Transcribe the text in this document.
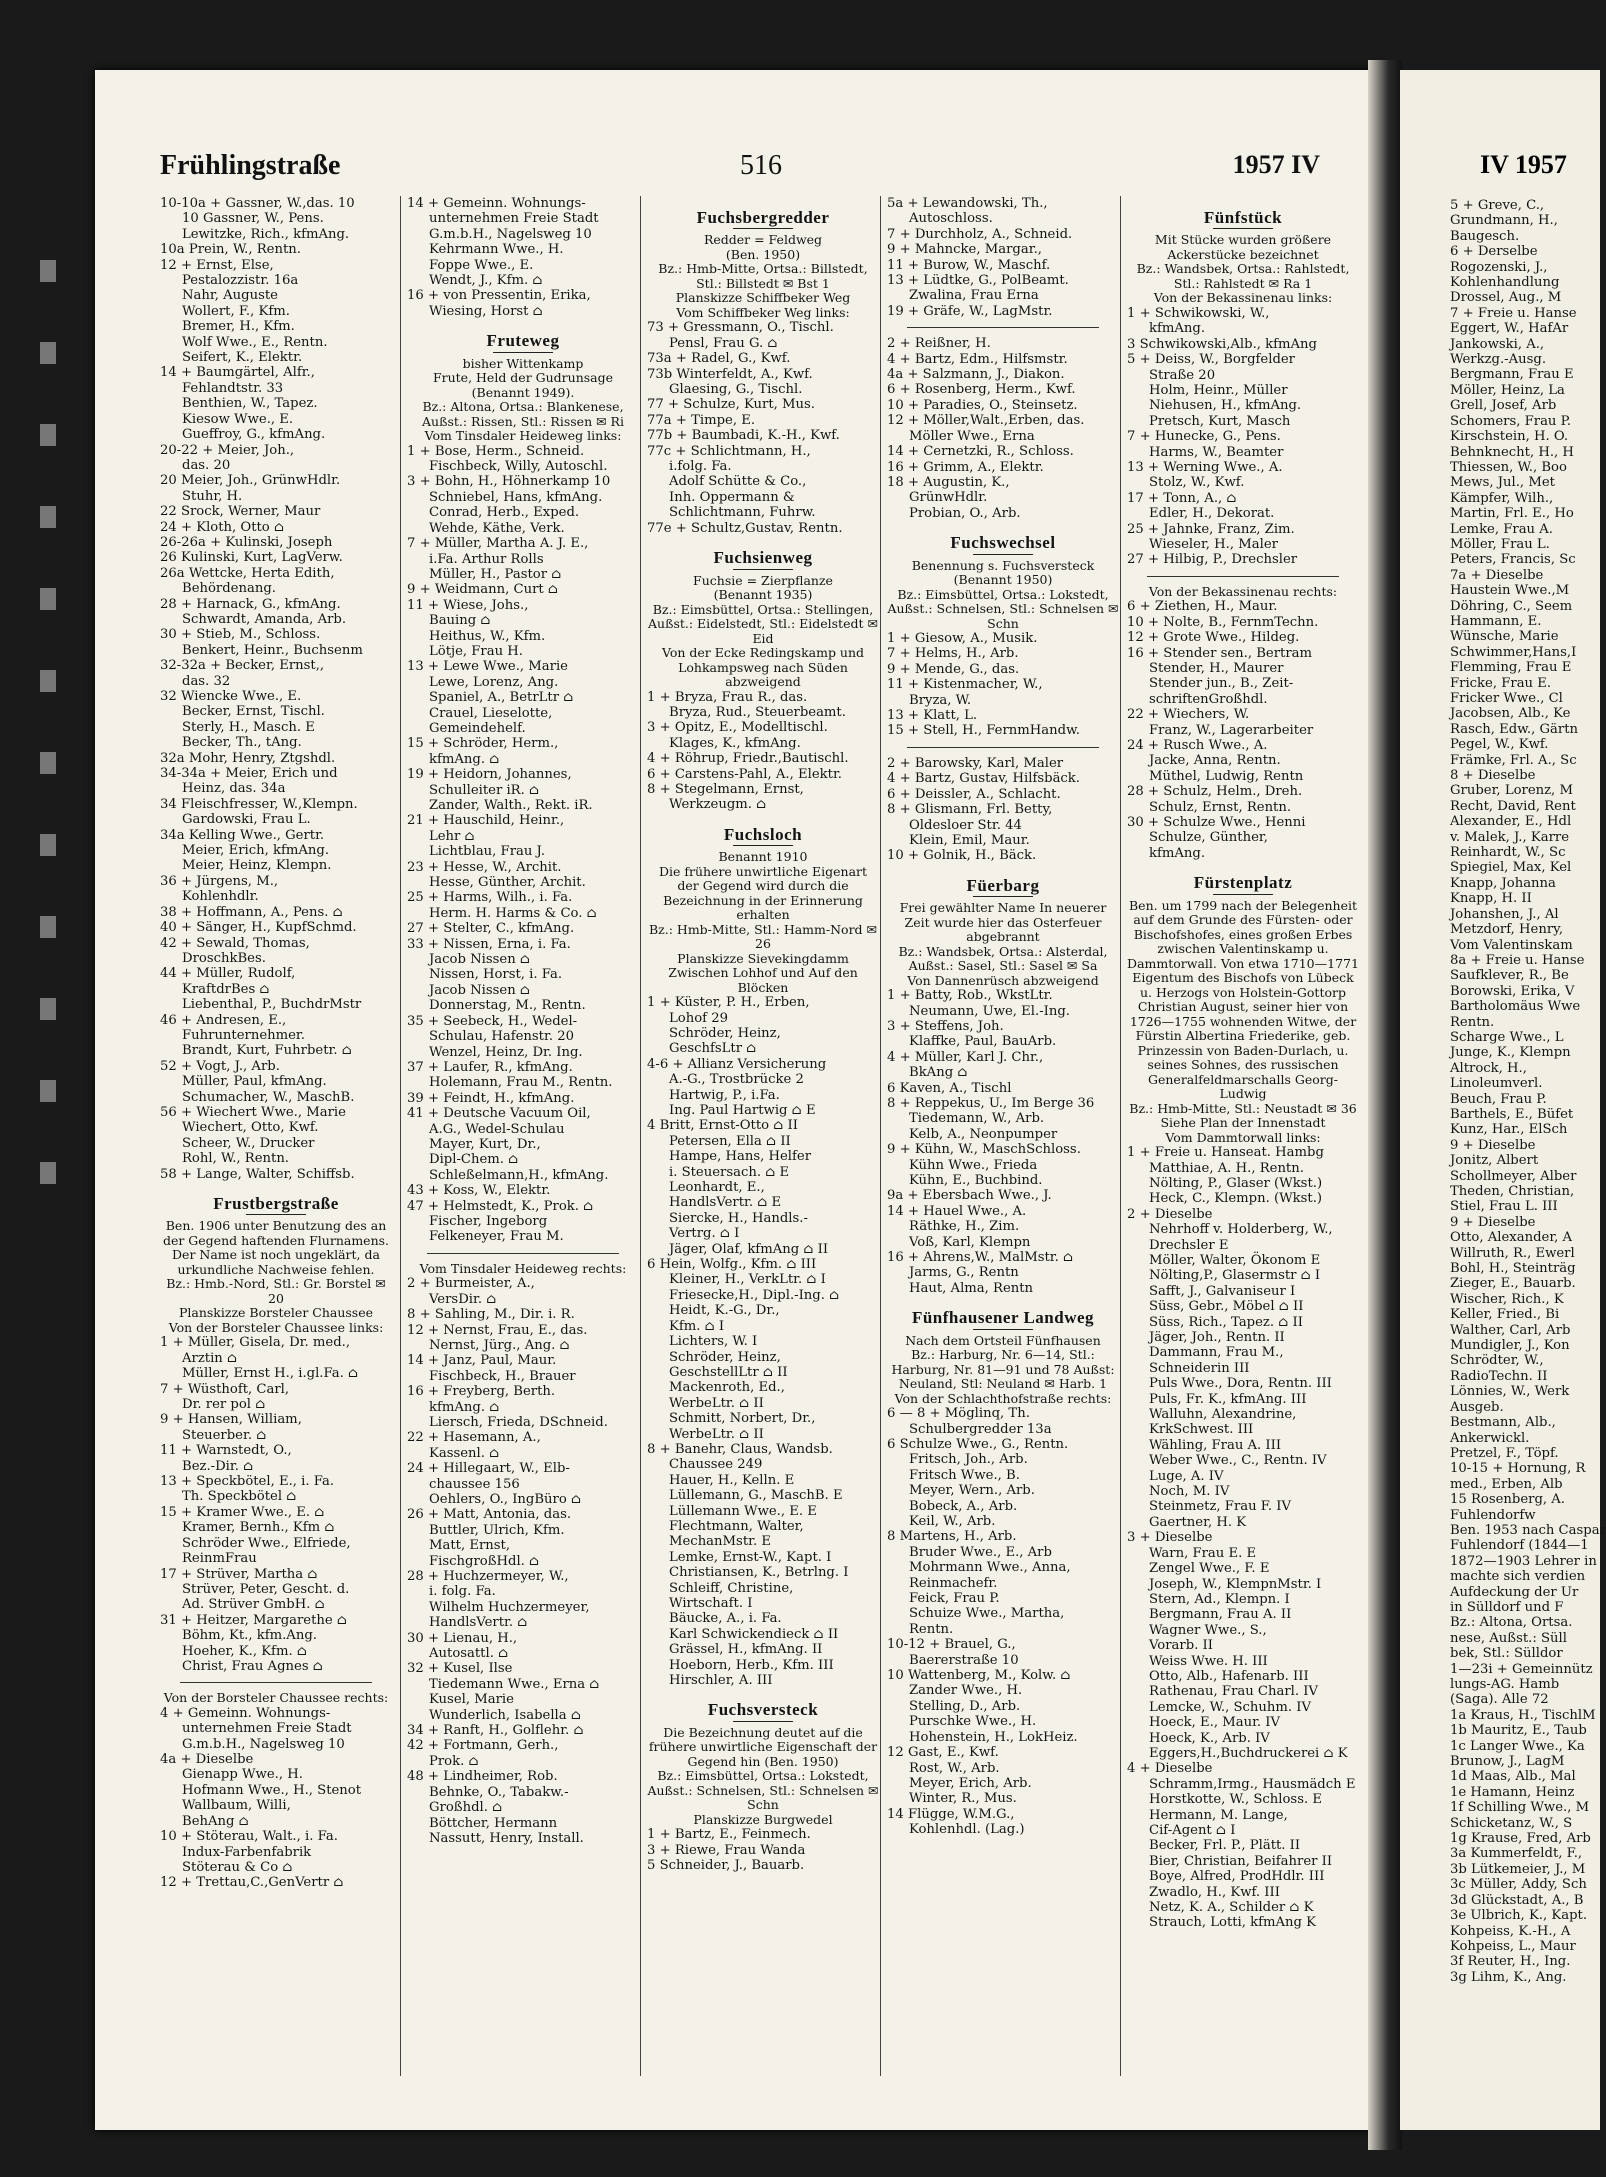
IV 1957
5 + Greve, C.,
Grundmann, H.,
Baugesch.
6 + Derselbe
Rogozenski, J.,
Kohlenhandlung
Drossel, Aug., M
7 + Freie u. Hanse
Eggert, W., HafAr
Jankowski, A.,
Werkzg.-Ausg.
Bergmann, Frau E
Möller, Heinz, La
Grell, Josef, Arb
Schomers, Frau P.
Kirschstein, H. O.
Behnknecht, H., H
Thiessen, W., Boo
Mews, Jul., Met
Kämpfer, Wilh.,
Martin, Frl. E., Ho
Lemke, Frau A.
Möller, Frau L.
Peters, Francis, Sc
7a + Dieselbe
Haustein Wwe.,M
Döhring, C., Seem
Hammann, E.
Wünsche, Marie
Schwimmer,Hans,I
Flemming, Frau E
Fricke, Frau E.
Fricker Wwe., Cl
Jacobsen, Alb., Ke
Rasch, Edw., Gärtn
Pegel, W., Kwf.
Främke, Frl. A., Sc
8 + Dieselbe
Gruber, Lorenz, M
Recht, David, Rent
Alexander, E., Hdl
v. Malek, J., Karre
Reinhardt, W., Sc
Spiegiel, Max, Kel
Knapp, Johanna
Knapp, H. II
Johanshen, J., Al
Metzdorf, Henry,
Vom Valentinskam
8a + Freie u. Hanse
Saufklever, R., Be
Borowski, Erika, V
Bartholomäus Wwe
Rentn.
Scharge Wwe., L
Junge, K., Klempn
Altrock, H.,
Linoleumverl.
Beuch, Frau P.
Barthels, E., Büfet
Kunz, Har., ElSch
9 + Dieselbe
Jonitz, Albert
Schollmeyer, Alber
Theden, Christian,
Stiel, Frau L. III
9 + Dieselbe
Otto, Alexander, A
Willruth, R., Ewerl
Bohl, H., Steinträg
Zieger, E., Bauarb.
Wischer, Rich., K
Keller, Fried., Bi
Walther, Carl, Arb
Mundigler, J., Kon
Schrödter, W.,
RadioTechn. II
Lönnies, W., Werk
Ausgeb.
Bestmann, Alb.,
Ankerwickl.
Pretzel, F., Töpf.
10-15 + Hornung, R
med., Erben, Alb
15 Rosenberg, A.
Fuhlendorfw
Ben. 1953 nach Caspar
Fuhlendorf (1844—1
1872—1903 Lehrer in
machte sich verdien
Aufdeckung der Ur
in Sülldorf und F
Bz.: Altona, Ortsa.
nese, Außst.: Süll
bek, Stl.: Sülldor
1—23i + Gemeinnütz
lungs-AG. Hamb
(Saga). Alle 72
1a Kraus, H., TischlM
1b Mauritz, E., Taub
1c Langer Wwe., Ka
Brunow, J., LagM
1d Maas, Alb., Mal
1e Hamann, Heinz
1f Schilling Wwe., M
Schicketanz, W., S
1g Krause, Fred, Arb
3a Kummerfeldt, F.,
3b Lütkemeier, J., M
3c Müller, Addy, Sch
3d Glückstadt, A., B
3e Ulbrich, K., Kapt.
Kohpeiss, K.-H., A
Kohpeiss, L., Maur
3f Reuter, H., Ing.
3g Lihm, K., Ang.
Frühlingstraße	516	1957 IV
10-10a + Gassner, W.,das. 10
10 Gassner, W., Pens.
Lewitzke, Rich., kfmAng.
10a Prein, W., Rentn.
12 + Ernst, Else,
Pestalozzistr. 16a
Nahr, Auguste
Wollert, F., Kfm.
Bremer, H., Kfm.
Wolf Wwe., E., Rentn.
Seifert, K., Elektr.
14 + Baumgärtel, Alfr.,
Fehlandtstr. 33
Benthien, W., Tapez.
Kiesow Wwe., E.
Gueffroy, G., kfmAng.
20-22 + Meier, Joh.,
das. 20
20 Meier, Joh., GrünwHdlr.
Stuhr, H.
22 Srock, Werner, Maur
24 + Kloth, Otto ⌂
26-26a + Kulinski, Joseph
26 Kulinski, Kurt, LagVerw.
26a Wettcke, Herta Edith,
Behördenang.
28 + Harnack, G., kfmAng.
Schwardt, Amanda, Arb.
30 + Stieb, M., Schloss.
Benkert, Heinr., Buchsenm
32-32a + Becker, Ernst,,
das. 32
32 Wiencke Wwe., E.
Becker, Ernst, Tischl.
Sterly, H., Masch. E
Becker, Th., tAng.
32a Mohr, Henry, Ztgshdl.
34-34a + Meier, Erich und
Heinz, das. 34a
34 Fleischfresser, W.,Klempn.
Gardowski, Frau L.
34a Kelling Wwe., Gertr.
Meier, Erich, kfmAng.
Meier, Heinz, Klempn.
36 + Jürgens, M.,
Kohlenhdlr.
38 + Hoffmann, A., Pens. ⌂
40 + Sänger, H., KupfSchmd.
42 + Sewald, Thomas,
DroschkBes.
44 + Müller, Rudolf,
KraftdrBes ⌂
Liebenthal, P., BuchdrMstr
46 + Andresen, E.,
Fuhrunternehmer.
Brandt, Kurt, Fuhrbetr. ⌂
52 + Vogt, J., Arb.
Müller, Paul, kfmAng.
Schumacher, W., MaschB.
56 + Wiechert Wwe., Marie
Wiechert, Otto, Kwf.
Scheer, W., Drucker
Rohl, W., Rentn.
58 + Lange, Walter, Schiffsb.
Frustbergstraße
Ben. 1906 unter Benutzung des an der Gegend haftenden Flurnamens.
Der Name ist noch ungeklärt, da urkundliche Nachweise fehlen.
Bz.: Hmb.-Nord, Stl.: Gr. Borstel ✉ 20
Planskizze Borsteler Chaussee
Von der Borsteler Chaussee links:
1 + Müller, Gisela, Dr. med.,
Arztin ⌂
Müller, Ernst H., i.gl.Fa. ⌂
7 + Wüsthoft, Carl,
Dr. rer pol ⌂
9 + Hansen, William,
Steuerber. ⌂
11 + Warnstedt, O.,
Bez.-Dir. ⌂
13 + Speckbötel, E., i. Fa.
Th. Speckbötel ⌂
15 + Kramer Wwe., E. ⌂
Kramer, Bernh., Kfm ⌂
Schröder Wwe., Elfriede,
ReinmFrau
17 + Strüver, Martha ⌂
Strüver, Peter, Gescht. d.
Ad. Strüver GmbH. ⌂
31 + Heitzer, Margarethe ⌂
Böhm, Kt., kfm.Ang.
Hoeher, K., Kfm. ⌂
Christ, Frau Agnes ⌂
Von der Borsteler Chaussee rechts:
4 + Gemeinn. Wohnungs-
unternehmen Freie Stadt
G.m.b.H., Nagelsweg 10
4a + Dieselbe
Gienapp Wwe., H.
Hofmann Wwe., H., Stenot
Wallbaum, Willi,
BehAng ⌂
10 + Stöterau, Walt., i. Fa.
Indux-Farbenfabrik
Stöterau & Co ⌂
12 + Trettau,C.,GenVertr ⌂
14 + Gemeinn. Wohnungs-
unternehmen Freie Stadt
G.m.b.H., Nagelsweg 10
Kehrmann Wwe., H.
Foppe Wwe., E.
Wendt, J., Kfm. ⌂
16 + von Pressentin, Erika,
Wiesing, Horst ⌂
Fruteweg
bisher Wittenkamp
Frute, Held der Gudrunsage (Benannt 1949).
Bz.: Altona, Ortsa.: Blankenese, Außst.: Rissen, Stl.: Rissen ✉ Ri
Vom Tinsdaler Heideweg links:
1 + Bose, Herm., Schneid.
Fischbeck, Willy, Autoschl.
3 + Bohn, H., Höhnerkamp 10
Schniebel, Hans, kfmAng.
Conrad, Herb., Exped.
Wehde, Käthe, Verk.
7 + Müller, Martha A. J. E.,
i.Fa. Arthur Rolls
Müller, H., Pastor ⌂
9 + Weidmann, Curt ⌂
11 + Wiese, Johs.,
Bauing ⌂
Heithus, W., Kfm.
Lötje, Frau H.
13 + Lewe Wwe., Marie
Lewe, Lorenz, Ang.
Spaniel, A., BetrLtr ⌂
Crauel, Lieselotte,
Gemeindehelf.
15 + Schröder, Herm.,
kfmAng. ⌂
19 + Heidorn, Johannes,
Schulleiter iR. ⌂
Zander, Walth., Rekt. iR.
21 + Hauschild, Heinr.,
Lehr ⌂
Lichtblau, Frau J.
23 + Hesse, W., Archit.
Hesse, Günther, Archit.
25 + Harms, Wilh., i. Fa.
Herm. H. Harms & Co. ⌂
27 + Stelter, C., kfmAng.
33 + Nissen, Erna, i. Fa.
Jacob Nissen ⌂
Nissen, Horst, i. Fa.
Jacob Nissen ⌂
Donnerstag, M., Rentn.
35 + Seebeck, H., Wedel-
Schulau, Hafenstr. 20
Wenzel, Heinz, Dr. Ing.
37 + Laufer, R., kfmAng.
Holemann, Frau M., Rentn.
39 + Feindt, H., kfmAng.
41 + Deutsche Vacuum Oil,
A.G., Wedel-Schulau
Mayer, Kurt, Dr.,
Dipl-Chem. ⌂
Schleßelmann,H., kfmAng.
43 + Koss, W., Elektr.
47 + Helmstedt, K., Prok. ⌂
Fischer, Ingeborg
Felkeneyer, Frau M.
Vom Tinsdaler Heideweg rechts:
2 + Burmeister, A.,
VersDir. ⌂
8 + Sahling, M., Dir. i. R.
12 + Nernst, Frau, E., das.
Nernst, Jürg., Ang. ⌂
14 + Janz, Paul, Maur.
Fischbeck, H., Brauer
16 + Freyberg, Berth.
kfmAng. ⌂
Liersch, Frieda, DSchneid.
22 + Hasemann, A.,
Kassenl. ⌂
24 + Hillegaart, W., Elb-
chaussee 156
Oehlers, O., IngBüro ⌂
26 + Matt, Antonia, das.
Buttler, Ulrich, Kfm.
Matt, Ernst,
FischgroßHdl. ⌂
28 + Huchzermeyer, W.,
i. folg. Fa.
Wilhelm Huchzermeyer,
HandlsVertr. ⌂
30 + Lienau, H.,
Autosattl. ⌂
32 + Kusel, Ilse
Tiedemann Wwe., Erna ⌂
Kusel, Marie
Wunderlich, Isabella ⌂
34 + Ranft, H., Golflehr. ⌂
42 + Fortmann, Gerh.,
Prok. ⌂
48 + Lindheimer, Rob.
Behnke, O., Tabakw.-
Großhdl. ⌂
Böttcher, Hermann
Nassutt, Henry, Install.
Fuchsbergredder
Redder = Feldweg
(Ben. 1950)
Bz.: Hmb-Mitte, Ortsa.: Billstedt, Stl.: Billstedt ✉ Bst 1
Planskizze Schiffbeker Weg
Vom Schiffbeker Weg links:
73 + Gressmann, O., Tischl.
Pensl, Frau G. ⌂
73a + Radel, G., Kwf.
73b Winterfeldt, A., Kwf.
Glaesing, G., Tischl.
77 + Schulze, Kurt, Mus.
77a + Timpe, E.
77b + Baumbadi, K.-H., Kwf.
77c + Schlichtmann, H.,
i.folg. Fa.
Adolf Schütte & Co.,
Inh. Oppermann &
Schlichtmann, Fuhrw.
77e + Schultz,Gustav, Rentn.
Fuchsienweg
Fuchsie = Zierpflanze
(Benannt 1935)
Bz.: Eimsbüttel, Ortsa.: Stellingen, Außst.: Eidelstedt, Stl.: Eidelstedt ✉ Eid
Von der Ecke Redingskamp und Lohkampsweg nach Süden abzweigend
1 + Bryza, Frau R., das.
Bryza, Rud., Steuerbeamt.
3 + Opitz, E., Modelltischl.
Klages, K., kfmAng.
4 + Röhrup, Friedr.,Bautischl.
6 + Carstens-Pahl, A., Elektr.
8 + Stegelmann, Ernst,
Werkzeugm. ⌂
Fuchsloch
Benannt 1910
Die frühere unwirtliche Eigenart der Gegend wird durch die Bezeichnung in der Erinnerung erhalten
Bz.: Hmb-Mitte, Stl.: Hamm-Nord ✉ 26
Planskizze Sievekingdamm
Zwischen Lohhof und Auf den Blöcken
1 + Küster, P. H., Erben,
Lohof 29
Schröder, Heinz,
GeschfsLtr ⌂
4-6 + Allianz Versicherung
A.-G., Trostbrücke 2
Hartwig, P., i.Fa.
Ing. Paul Hartwig ⌂ E
4 Britt, Ernst-Otto ⌂ II
Petersen, Ella ⌂ II
Hampe, Hans, Helfer
i. Steuersach. ⌂ E
Leonhardt, E.,
HandlsVertr. ⌂ E
Siercke, H., Handls.-
Vertrg. ⌂ I
Jäger, Olaf, kfmAng ⌂ II
6 Hein, Wolfg., Kfm. ⌂ III
Kleiner, H., VerkLtr. ⌂ I
Friesecke,H., Dipl.-Ing. ⌂
Heidt, K.-G., Dr.,
Kfm. ⌂ I
Lichters, W. I
Schröder, Heinz,
GeschstellLtr ⌂ II
Mackenroth, Ed.,
WerbeLtr. ⌂ II
Schmitt, Norbert, Dr.,
WerbeLtr. ⌂ II
8 + Banehr, Claus, Wandsb.
Chaussee 249
Hauer, H., Kelln. E
Lüllemann, G., MaschB. E
Lüllemann Wwe., E. E
Flechtmann, Walter,
MechanMstr. E
Lemke, Ernst-W., Kapt. I
Christiansen, K., Betrlng. I
Schleiff, Christine,
Wirtschaft. I
Bäucke, A., i. Fa.
Karl Schwickendieck ⌂ II
Grässel, H., kfmAng. II
Hoeborn, Herb., Kfm. III
Hirschler, A. III
Fuchsversteck
Die Bezeichnung deutet auf die frühere unwirtliche Eigenschaft der Gegend hin (Ben. 1950)
Bz.: Eimsbüttel, Ortsa.: Lokstedt, Außst.: Schnelsen, Stl.: Schnelsen ✉ Schn
Planskizze Burgwedel
1 + Bartz, E., Feinmech.
3 + Riewe, Frau Wanda
5 Schneider, J., Bauarb.
5a + Lewandowski, Th.,
Autoschloss.
7 + Durchholz, A., Schneid.
9 + Mahncke, Margar.,
11 + Burow, W., Maschf.
13 + Lüdtke, G., PolBeamt.
Zwalina, Frau Erna
19 + Gräfe, W., LagMstr.
2 + Reißner, H.
4 + Bartz, Edm., Hilfsmstr.
4a + Salzmann, J., Diakon.
6 + Rosenberg, Herm., Kwf.
10 + Paradies, O., Steinsetz.
12 + Möller,Walt.,Erben, das.
Möller Wwe., Erna
14 + Cernetzki, R., Schloss.
16 + Grimm, A., Elektr.
18 + Augustin, K.,
GrünwHdlr.
Probian, O., Arb.
Fuchswechsel
Benennung s. Fuchsversteck (Benannt 1950)
Bz.: Eimsbüttel, Ortsa.: Lokstedt, Außst.: Schnelsen, Stl.: Schnelsen ✉ Schn
1 + Giesow, A., Musik.
7 + Helms, H., Arb.
9 + Mende, G., das.
11 + Kistenmacher, W.,
Bryza, W.
13 + Klatt, L.
15 + Stell, H., FernmHandw.
2 + Barowsky, Karl, Maler
4 + Bartz, Gustav, Hilfsbäck.
6 + Deissler, A., Schlacht.
8 + Glismann, Frl. Betty,
Oldesloer Str. 44
Klein, Emil, Maur.
10 + Golnik, H., Bäck.
Füerbarg
Frei gewählter Name In neuerer Zeit wurde hier das Osterfeuer abgebrannt
Bz.: Wandsbek, Ortsa.: Alsterdal, Außst.: Sasel, Stl.: Sasel ✉ Sa
Von Dannenrüsch abzweigend
1 + Batty, Rob., WkstLtr.
Neumann, Uwe, El.-Ing.
3 + Steffens, Joh.
Klaffke, Paul, BauArb.
4 + Müller, Karl J. Chr.,
BkAng ⌂
6 Kaven, A., Tischl
8 + Reppekus, U., Im Berge 36
Tiedemann, W., Arb.
Kelb, A., Neonpumper
9 + Kühn, W., MaschSchloss.
Kühn Wwe., Frieda
Kühn, E., Buchbind.
9a + Ebersbach Wwe., J.
14 + Hauel Wwe., A.
Räthke, H., Zim.
Voß, Karl, Klempn
16 + Ahrens,W., MalMstr. ⌂
Jarms, G., Rentn
Haut, Alma, Rentn
Fünfhausener Landweg
Nach dem Ortsteil Fünfhausen
Bz.: Harburg, Nr. 6—14, Stl.: Harburg, Nr. 81—91 und 78 Außst: Neuland, Stl: Neuland ✉ Harb. 1
Von der Schlachthofstraße rechts:
6 — 8 + Möglinq, Th.
Schulbergredder 13a
6 Schulze Wwe., G., Rentn.
Fritsch, Joh., Arb.
Fritsch Wwe., B.
Meyer, Wern., Arb.
Bobeck, A., Arb.
Keil, W., Arb.
8 Martens, H., Arb.
Bruder Wwe., E., Arb
Mohrmann Wwe., Anna,
Reinmachefr.
Feick, Frau P.
Schuize Wwe., Martha,
Rentn.
10-12 + Brauel, G.,
Baererstraße 10
10 Wattenberg, M., Kolw. ⌂
Zander Wwe., H.
Stelling, D., Arb.
Purschke Wwe., H.
Hohenstein, H., LokHeiz.
12 Gast, E., Kwf.
Rost, W., Arb.
Meyer, Erich, Arb.
Winter, R., Mus.
14 Flügge, W.M.G.,
Kohlenhdl. (Lag.)
Fünfstück
Mit Stücke wurden größere Ackerstücke bezeichnet
Bz.: Wandsbek, Ortsa.: Rahlstedt, Stl.: Rahlstedt ✉ Ra 1
Von der Bekassinenau links:
1 + Schwikowski, W.,
kfmAng.
3 Schwikowski,Alb., kfmAng
5 + Deiss, W., Borgfelder
Straße 20
Holm, Heinr., Müller
Niehusen, H., kfmAng.
Pretsch, Kurt, Masch
7 + Hunecke, G., Pens.
Harms, W., Beamter
13 + Werning Wwe., A.
Stolz, W., Kwf.
17 + Tonn, A., ⌂
Edler, H., Dekorat.
25 + Jahnke, Franz, Zim.
Wieseler, H., Maler
27 + Hilbig, P., Drechsler
Von der Bekassinenau rechts:
6 + Ziethen, H., Maur.
10 + Nolte, B., FernmTechn.
12 + Grote Wwe., Hildeg.
16 + Stender sen., Bertram
Stender, H., Maurer
Stender jun., B., Zeit-
schriftenGroßhdl.
22 + Wiechers, W.
Franz, W., Lagerarbeiter
24 + Rusch Wwe., A.
Jacke, Anna, Rentn.
Müthel, Ludwig, Rentn
28 + Schulz, Helm., Dreh.
Schulz, Ernst, Rentn.
30 + Schulze Wwe., Henni
Schulze, Günther,
kfmAng.
Fürstenplatz
Ben. um 1799 nach der Belegenheit auf dem Grunde des Fürsten- oder Bischofshofes, eines großen Erbes zwischen Valentinskamp u. Dammtorwall. Von etwa 1710—1771 Eigentum des Bischofs von Lübeck u. Herzogs von Holstein-Gottorp Christian August, seiner hier von 1726—1755 wohnenden Witwe, der Fürstin Albertina Friederike, geb. Prinzessin von Baden-Durlach, u. seines Sohnes, des russischen Generalfeldmarschalls Georg-Ludwig
Bz.: Hmb-Mitte, Stl.: Neustadt ✉ 36
Siehe Plan der Innenstadt
Vom Dammtorwall links:
1 + Freie u. Hanseat. Hambg
Matthiae, A. H., Rentn.
Nölting, P., Glaser (Wkst.)
Heck, C., Klempn. (Wkst.)
2 + Dieselbe
Nehrhoff v. Holderberg, W.,
Drechsler E
Möller, Walter, Ökonom E
Nölting,P., Glasermstr ⌂ I
Safft, J., Galvaniseur I
Süss, Gebr., Möbel ⌂ II
Süss, Rich., Tapez. ⌂ II
Jäger, Joh., Rentn. II
Dammann, Frau M.,
Schneiderin III
Puls Wwe., Dora, Rentn. III
Puls, Fr. K., kfmAng. III
Walluhn, Alexandrine,
KrkSchwest. III
Wähling, Frau A. III
Weber Wwe., C., Rentn. IV
Luge, A. IV
Noch, M. IV
Steinmetz, Frau F. IV
Gaertner, H. K
3 + Dieselbe
Warn, Frau E. E
Zengel Wwe., F. E
Joseph, W., KlempnMstr. I
Stern, Ad., Klempn. I
Bergmann, Frau A. II
Wagner Wwe., S.,
Vorarb. II
Weiss Wwe. H. III
Otto, Alb., Hafenarb. III
Rathenau, Frau Charl. IV
Lemcke, W., Schuhm. IV
Hoeck, E., Maur. IV
Hoeck, K., Arb. IV
Eggers,H.,Buchdruckerei ⌂ K
4 + Dieselbe
Schramm,Irmg., Hausmädch E
Horstkotte, W., Schloss. E
Hermann, M. Lange,
Cif-Agent ⌂ I
Becker, Frl. P., Plätt. II
Bier, Christian, Beifahrer II
Boye, Alfred, ProdHdlr. III
Zwadlo, H., Kwf. III
Netz, K. A., Schilder ⌂ K
Strauch, Lotti, kfmAng K
